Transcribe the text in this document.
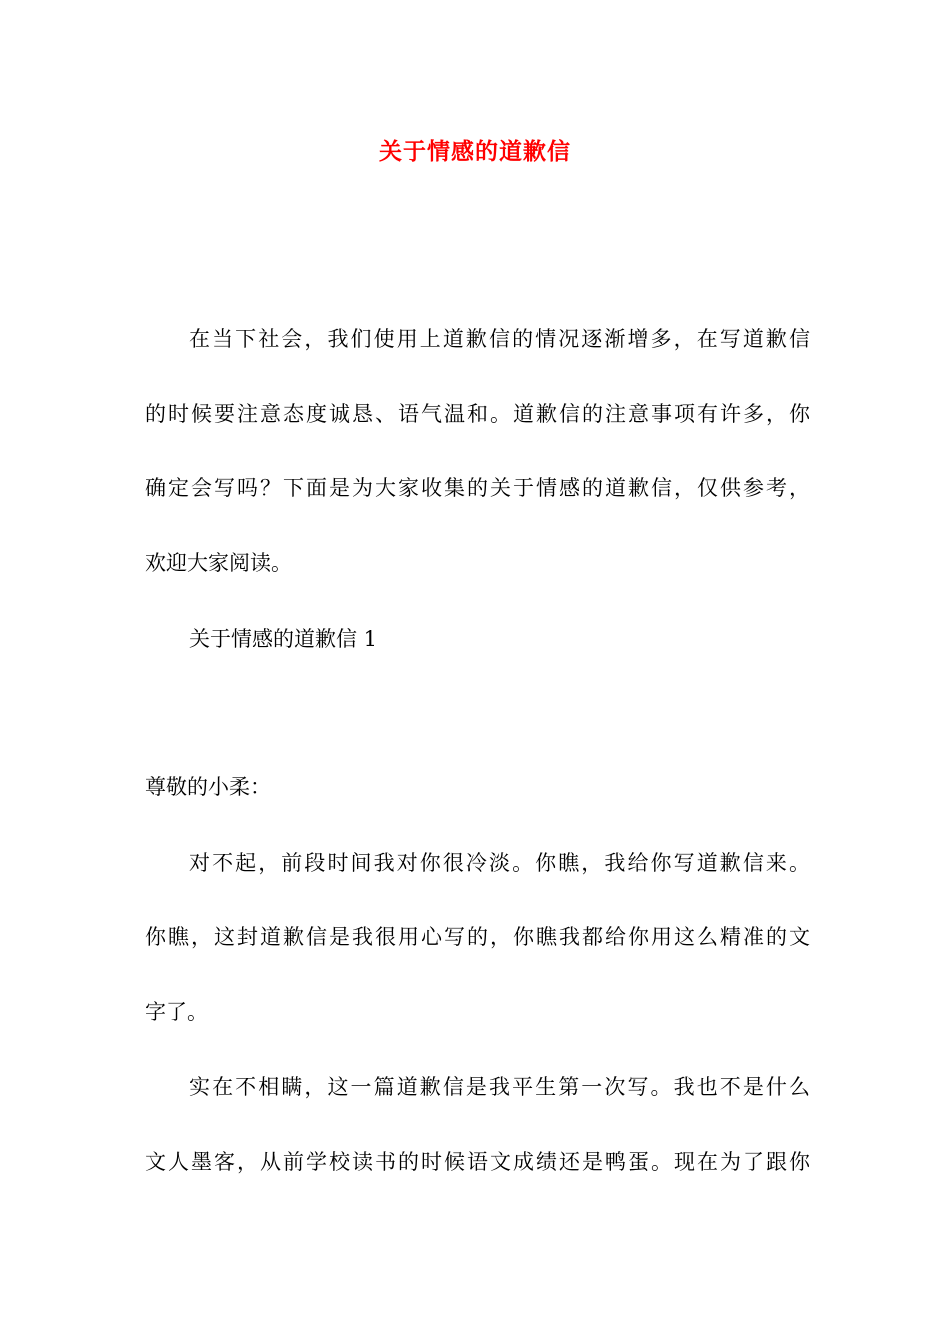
关于情感的道歉信
在当下社会，我们使用上道歉信的情况逐渐增多，在写道歉信
的时候要注意态度诚恳、语气温和。道歉信的注意事项有许多，你
确定会写吗？下面是为大家收集的关于情感的道歉信，仅供参考，
欢迎大家阅读。
关于情感的道歉信 1
尊敬的小柔：
对不起，前段时间我对你很冷淡。你瞧，我给你写道歉信来。
你瞧，这封道歉信是我很用心写的，你瞧我都给你用这么精准的文
字了。
实在不相瞒，这一篇道歉信是我平生第一次写。我也不是什么
文人墨客，从前学校读书的时候语文成绩还是鸭蛋。现在为了跟你
